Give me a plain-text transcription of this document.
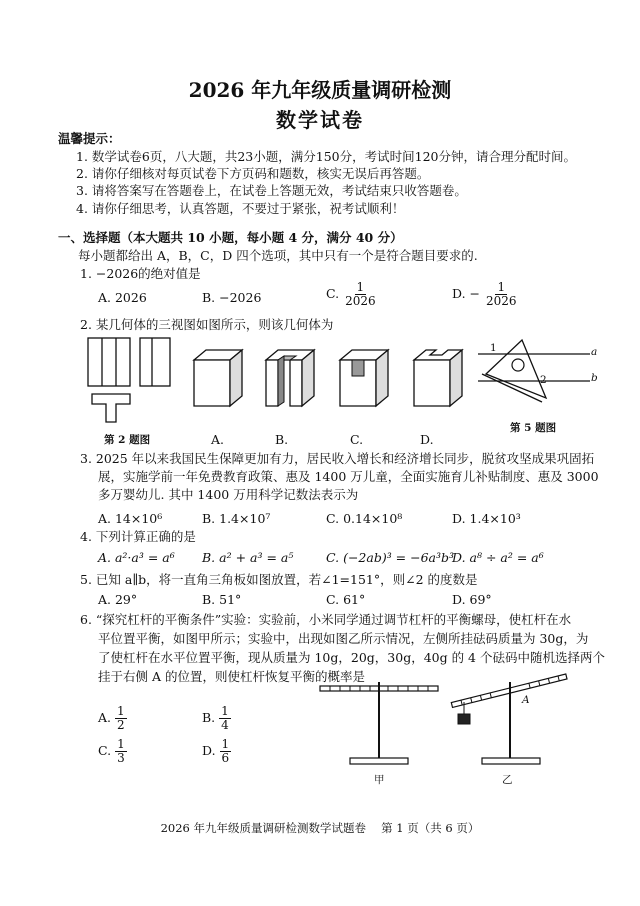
2026 年九年级质量调研检测
数学试卷
温馨提示：
1. 数学试卷6页，八大题，共23小题，满分150分，考试时间120分钟，请合理分配时间。
2. 请你仔细核对每页试卷下方页码和题数，核实无误后再答题。
3. 请将答案写在答题卷上，在试卷上答题无效，考试结束只收答题卷。
4. 请你仔细思考，认真答题，不要过于紧张，祝考试顺利！
一、选择题（本大题共 10 小题，每小题 4 分，满分 40 分）
每小题都给出 A，B，C，D 四个选项，其中只有一个是符合题目要求的.
1. −2026的绝对值是
A. 2026	B. −2026	C. $\frac{1}{2026}$	D. − $\frac{1}{2026}$
2. 某几何体的三视图如图所示，则该几何体为
第 2 题图	A.	B.	C.	D.
1
2
a
b
第 5 题图
3. 2025 年以来我国民生保障更加有力，居民收入增长和经济增长同步，脱贫攻坚成果巩固拓
展，实施学前一年免费教育政策、惠及 1400 万儿童，全面实施育儿补贴制度、惠及 3000
多万婴幼儿. 其中 1400 万用科学记数法表示为
A. 14×10⁶	B. 1.4×10⁷	C. 0.14×10⁸	D. 1.4×10³
4. 下列计算正确的是
A. a²·a³ = a⁶ B. a² + a³ = a⁵	C. (−2ab)³ = −6a³b³
D. a⁸ ÷ a² = a⁶
5. 已知 a∥b，将一直角三角板如图放置，若∠1=151°，则∠2 的度数是
A. 29°	B. 51°	C. 61°	D. 69°
6. “探究杠杆的平衡条件”实验：实验前，小米同学通过调节杠杆的平衡螺母，使杠杆在水
平位置平衡，如图甲所示；实验中，出现如图乙所示情况，左侧所挂砝码质量为 30g，为
了使杠杆在水平位置平衡，现从质量为 10g，20g，30g，40g 的 4 个砝码中随机选择两个
挂于右侧 A 的位置，则使杠杆恢复平衡的概率是
A. $\frac{1}{2}$	B. $\frac{1}{4}$
C. $\frac{1}{3}$	D. $\frac{1}{6}$
甲
A
乙
2026 年九年级质量调研检测数学试题卷　 第 1 页（共 6 页）
